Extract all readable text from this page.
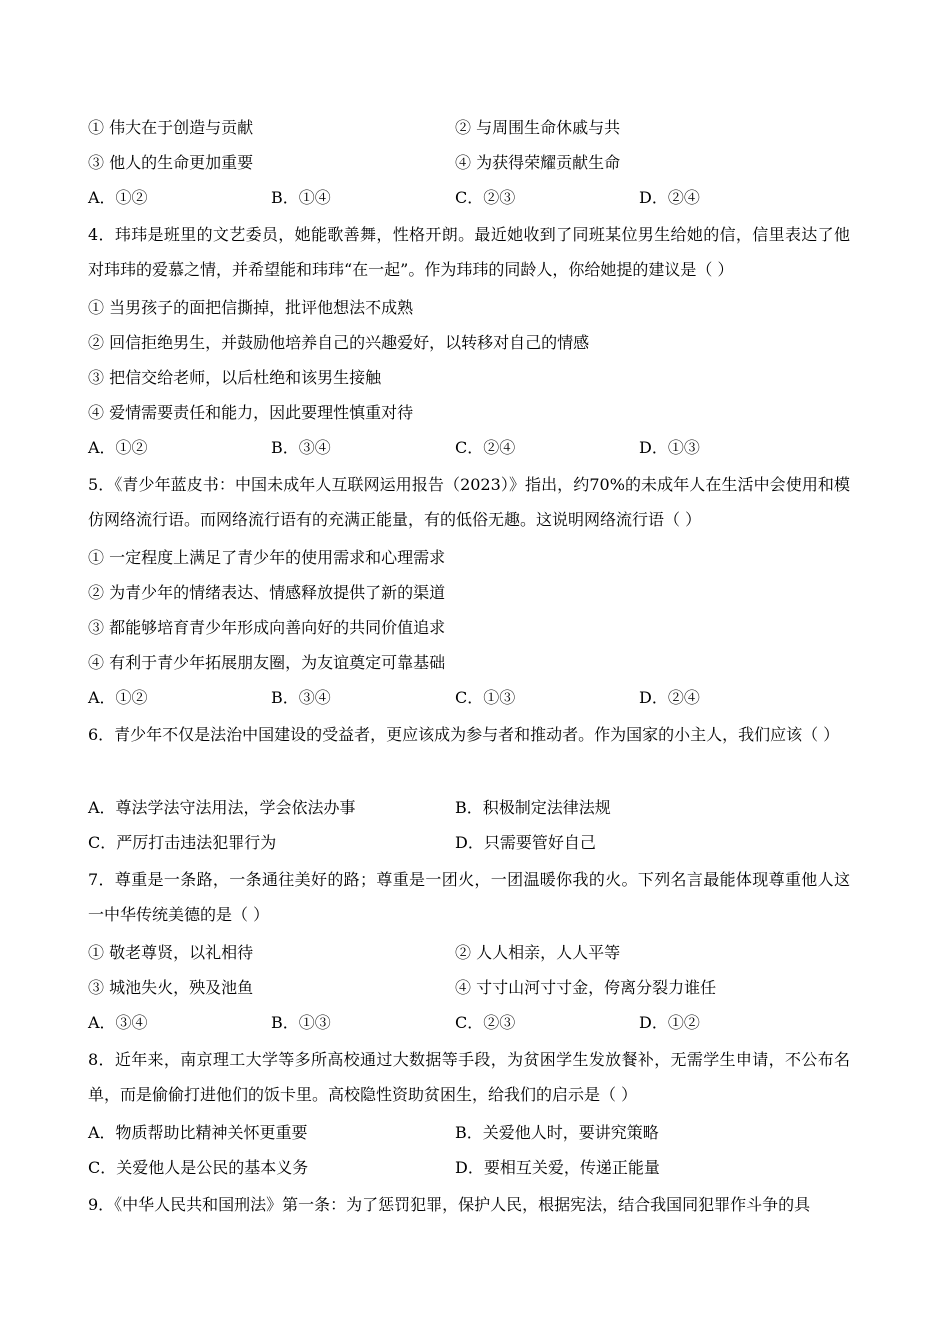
① 伟大在于创造与贡献	② 与周围生命休戚与共
③ 他人的生命更加重要	④ 为获得荣耀贡献生命
A．①②	B．①④	C．②③	D．②④
4．玮玮是班里的文艺委员，她能歌善舞，性格开朗。最近她收到了同班某位男生给她的信，信里表达了他对玮玮的爱慕之情，并希望能和玮玮“在一起”。作为玮玮的同龄人，你给她提的建议是（ ）
① 当男孩子的面把信撕掉，批评他想法不成熟
② 回信拒绝男生，并鼓励他培养自己的兴趣爱好，以转移对自己的情感
③ 把信交给老师，以后杜绝和该男生接触
④ 爱情需要责任和能力，因此要理性慎重对待
A．①②	B．③④	C．②④	D．①③
5．《青少年蓝皮书：中国未成年人互联网运用报告（2023）》指出，约70%的未成年人在生活中会使用和模仿网络流行语。而网络流行语有的充满正能量，有的低俗无趣。这说明网络流行语（ ）
① 一定程度上满足了青少年的使用需求和心理需求
② 为青少年的情绪表达、情感释放提供了新的渠道
③ 都能够培育青少年形成向善向好的共同价值追求
④ 有利于青少年拓展朋友圈，为友谊奠定可靠基础
A．①②	B．③④	C．①③	D．②④
6．青少年不仅是法治中国建设的受益者，更应该成为参与者和推动者。作为国家的小主人，我们应该（ ）
A．尊法学法守法用法，学会依法办事	B．积极制定法律法规
C．严厉打击违法犯罪行为	D．只需要管好自己
7．尊重是一条路，一条通往美好的路；尊重是一团火，一团温暖你我的火。下列名言最能体现尊重他人这一中华传统美德的是（ ）
① 敬老尊贤，以礼相待	② 人人相亲，人人平等
③ 城池失火，殃及池鱼	④ 寸寸山河寸寸金，侉离分裂力谁任
A．③④	B．①③	C．②③	D．①②
8．近年来，南京理工大学等多所高校通过大数据等手段，为贫困学生发放餐补，无需学生申请，不公布名单，而是偷偷打进他们的饭卡里。高校隐性资助贫困生，给我们的启示是（ ）
A．物质帮助比精神关怀更重要	B．关爱他人时，要讲究策略
C．关爱他人是公民的基本义务	D．要相互关爱，传递正能量
9．《中华人民共和国刑法》第一条：为了惩罚犯罪，保护人民，根据宪法，结合我国同犯罪作斗争的具
